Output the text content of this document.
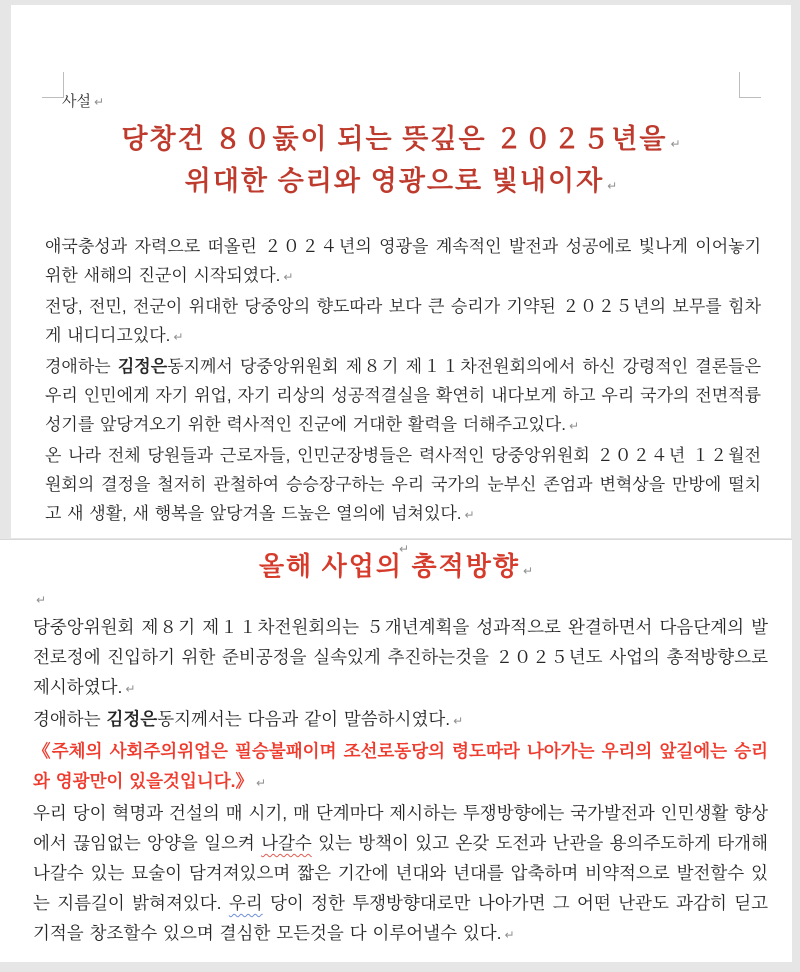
사설 ↵
당창건 ８０돐이 되는 뜻깊은 ２０２５년을 ↵
위대한 승리와 영광으로 빛내이자 ↵

애국충성과 자력으로 떠올린 ２０２４년의 영광을 계속적인 발전과 성공에로 빛나게 이어놓기 위한 새해의 진군이 시작되였다. ↵

전당, 전민, 전군이 위대한 당중앙의 향도따라 보다 큰 승리가 기약된 ２０２５년의 보무를 힘차게 내디디고있다. ↵

경애하는 김정은동지께서 당중앙위원회 제８기 제１１차전원회의에서 하신 강령적인 결론들은 우리 인민에게 자기 위업, 자기 리상의 성공적결실을 확연히 내다보게 하고 우리 국가의 전면적륭성기를 앞당겨오기 위한 력사적인 진군에 거대한 활력을 더해주고있다. ↵

온 나라 전체 당원들과 근로자들, 인민군장병들은 력사적인 당중앙위원회 ２０２４년 １２월전원회의 결정을 철저히 관철하여 승승장구하는 우리 국가의 눈부신 존엄과 변혁상을 만방에 떨치고 새 생활, 새 행복을 앞당겨올 드높은 열의에 넘쳐있다. ↵

↵
올해 사업의 총적방향 ↵
↵

당중앙위원회 제８기 제１１차전원회의는 ５개년계획을 성과적으로 완결하면서 다음단계의 발전로정에 진입하기 위한 준비공정을 실속있게 추진하는것을 ２０２５년도 사업의 총적방향으로 제시하였다. ↵

경애하는 김정은동지께서는 다음과 같이 말씀하시였다. ↵

《주체의 사회주의위업은 필승불패이며 조선로동당의 령도따라 나아가는 우리의 앞길에는 승리와 영광만이 있을것입니다.》 ↵

우리 당이 혁명과 건설의 매 시기, 매 단계마다 제시하는 투쟁방향에는 국가발전과 인민생활 향상에서 끊임없는 앙양을 일으켜 나갈수 있는 방책이 있고 온갖 도전과 난관을 용의주도하게 타개해나갈수 있는 묘술이 담겨져있으며 짧은 기간에 년대와 년대를 압축하며 비약적으로 발전할수 있는 지름길이 밝혀져있다. 우리 당이 정한 투쟁방향대로만 나아가면 그 어떤 난관도 과감히 딛고 기적을 창조할수 있으며 결심한 모든것을 다 이루어낼수 있다. ↵
